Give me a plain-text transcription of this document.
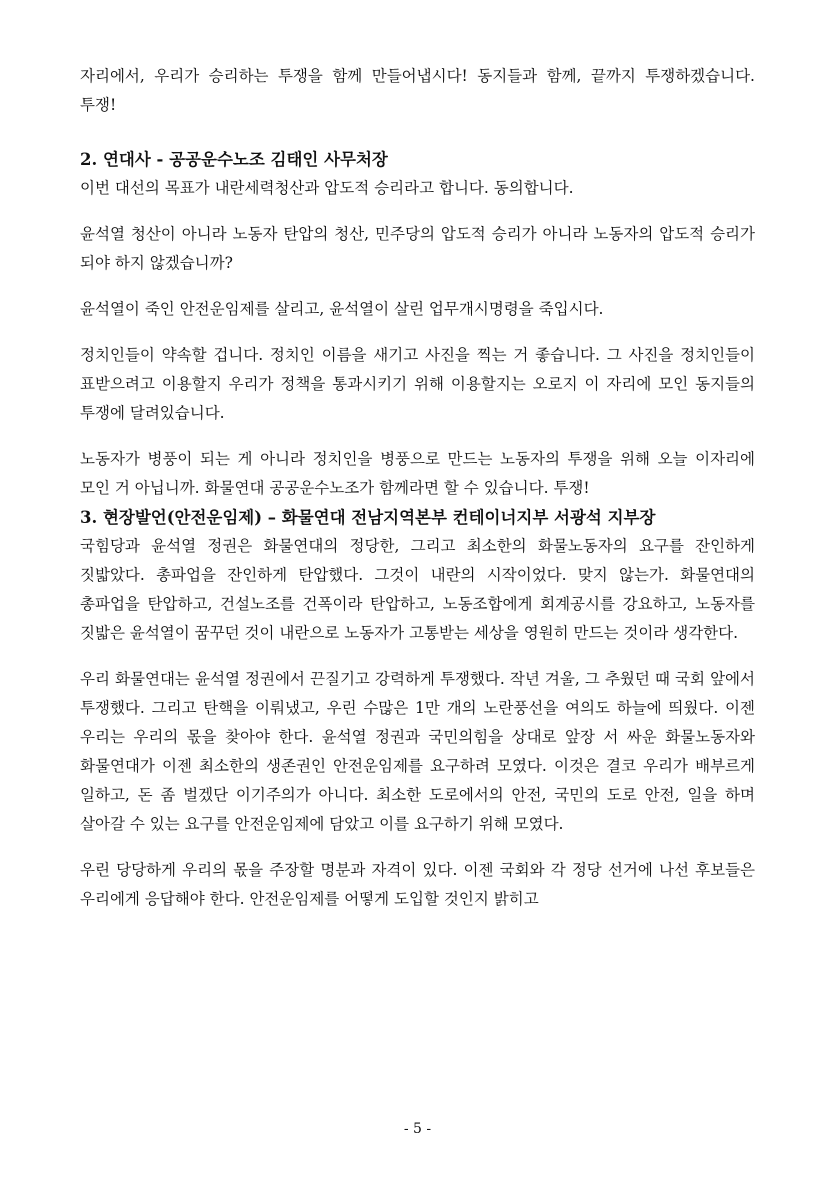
자리에서, 우리가 승리하는 투쟁을 함께 만들어냅시다! 동지들과 함께, 끝까지 투쟁하겠습니다. 투쟁!

2. 연대사 - 공공운수노조 김태인 사무처장

이번 대선의 목표가 내란세력청산과 압도적 승리라고 합니다. 동의합니다.

윤석열 청산이 아니라 노동자 탄압의 청산, 민주당의 압도적 승리가 아니라 노동자의 압도적 승리가 되야 하지 않겠습니까?

윤석열이 죽인 안전운임제를 살리고, 윤석열이 살린 업무개시명령을 죽입시다.

정치인들이 약속할 겁니다. 정치인 이름을 새기고 사진을 찍는 거 좋습니다. 그 사진을 정치인들이 표받으려고 이용할지 우리가 정책을 통과시키기 위해 이용할지는 오로지 이 자리에 모인 동지들의 투쟁에 달려있습니다.

노동자가 병풍이 되는 게 아니라 정치인을 병풍으로 만드는 노동자의 투쟁을 위해 오늘 이자리에 모인 거 아닙니까. 화물연대 공공운수노조가 함께라면 할 수 있습니다. 투쟁!

3. 현장발언(안전운임제) – 화물연대 전남지역본부 컨테이너지부 서광석 지부장

국힘당과 윤석열 정권은 화물연대의 정당한, 그리고 최소한의 화물노동자의 요구를 잔인하게 짓밟았다. 총파업을 잔인하게 탄압했다. 그것이 내란의 시작이었다. 맞지 않는가. 화물연대의 총파업을 탄압하고, 건설노조를 건폭이라 탄압하고, 노동조합에게 회계공시를 강요하고, 노동자를 짓밟은 윤석열이 꿈꾸던 것이 내란으로 노동자가 고통받는 세상을 영원히 만드는 것이라 생각한다.

우리 화물연대는 윤석열 정권에서 끈질기고 강력하게 투쟁했다. 작년 겨울, 그 추웠던 때 국회 앞에서 투쟁했다. 그리고 탄핵을 이뤄냈고, 우린 수많은 1만 개의 노란풍선을 여의도 하늘에 띄웠다. 이젠 우리는 우리의 몫을 찾아야 한다. 윤석열 정권과 국민의힘을 상대로 앞장 서 싸운 화물노동자와 화물연대가 이젠 최소한의 생존권인 안전운임제를 요구하려 모였다. 이것은 결코 우리가 배부르게 일하고, 돈 좀 벌겠단 이기주의가 아니다. 최소한 도로에서의 안전, 국민의 도로 안전, 일을 하며 살아갈 수 있는 요구를 안전운임제에 담았고 이를 요구하기 위해 모였다.

우린 당당하게 우리의 몫을 주장할 명분과 자격이 있다. 이젠 국회와 각 정당 선거에 나선 후보들은 우리에게 응답해야 한다. 안전운임제를 어떻게 도입할 것인지 밝히고

- 5 -
